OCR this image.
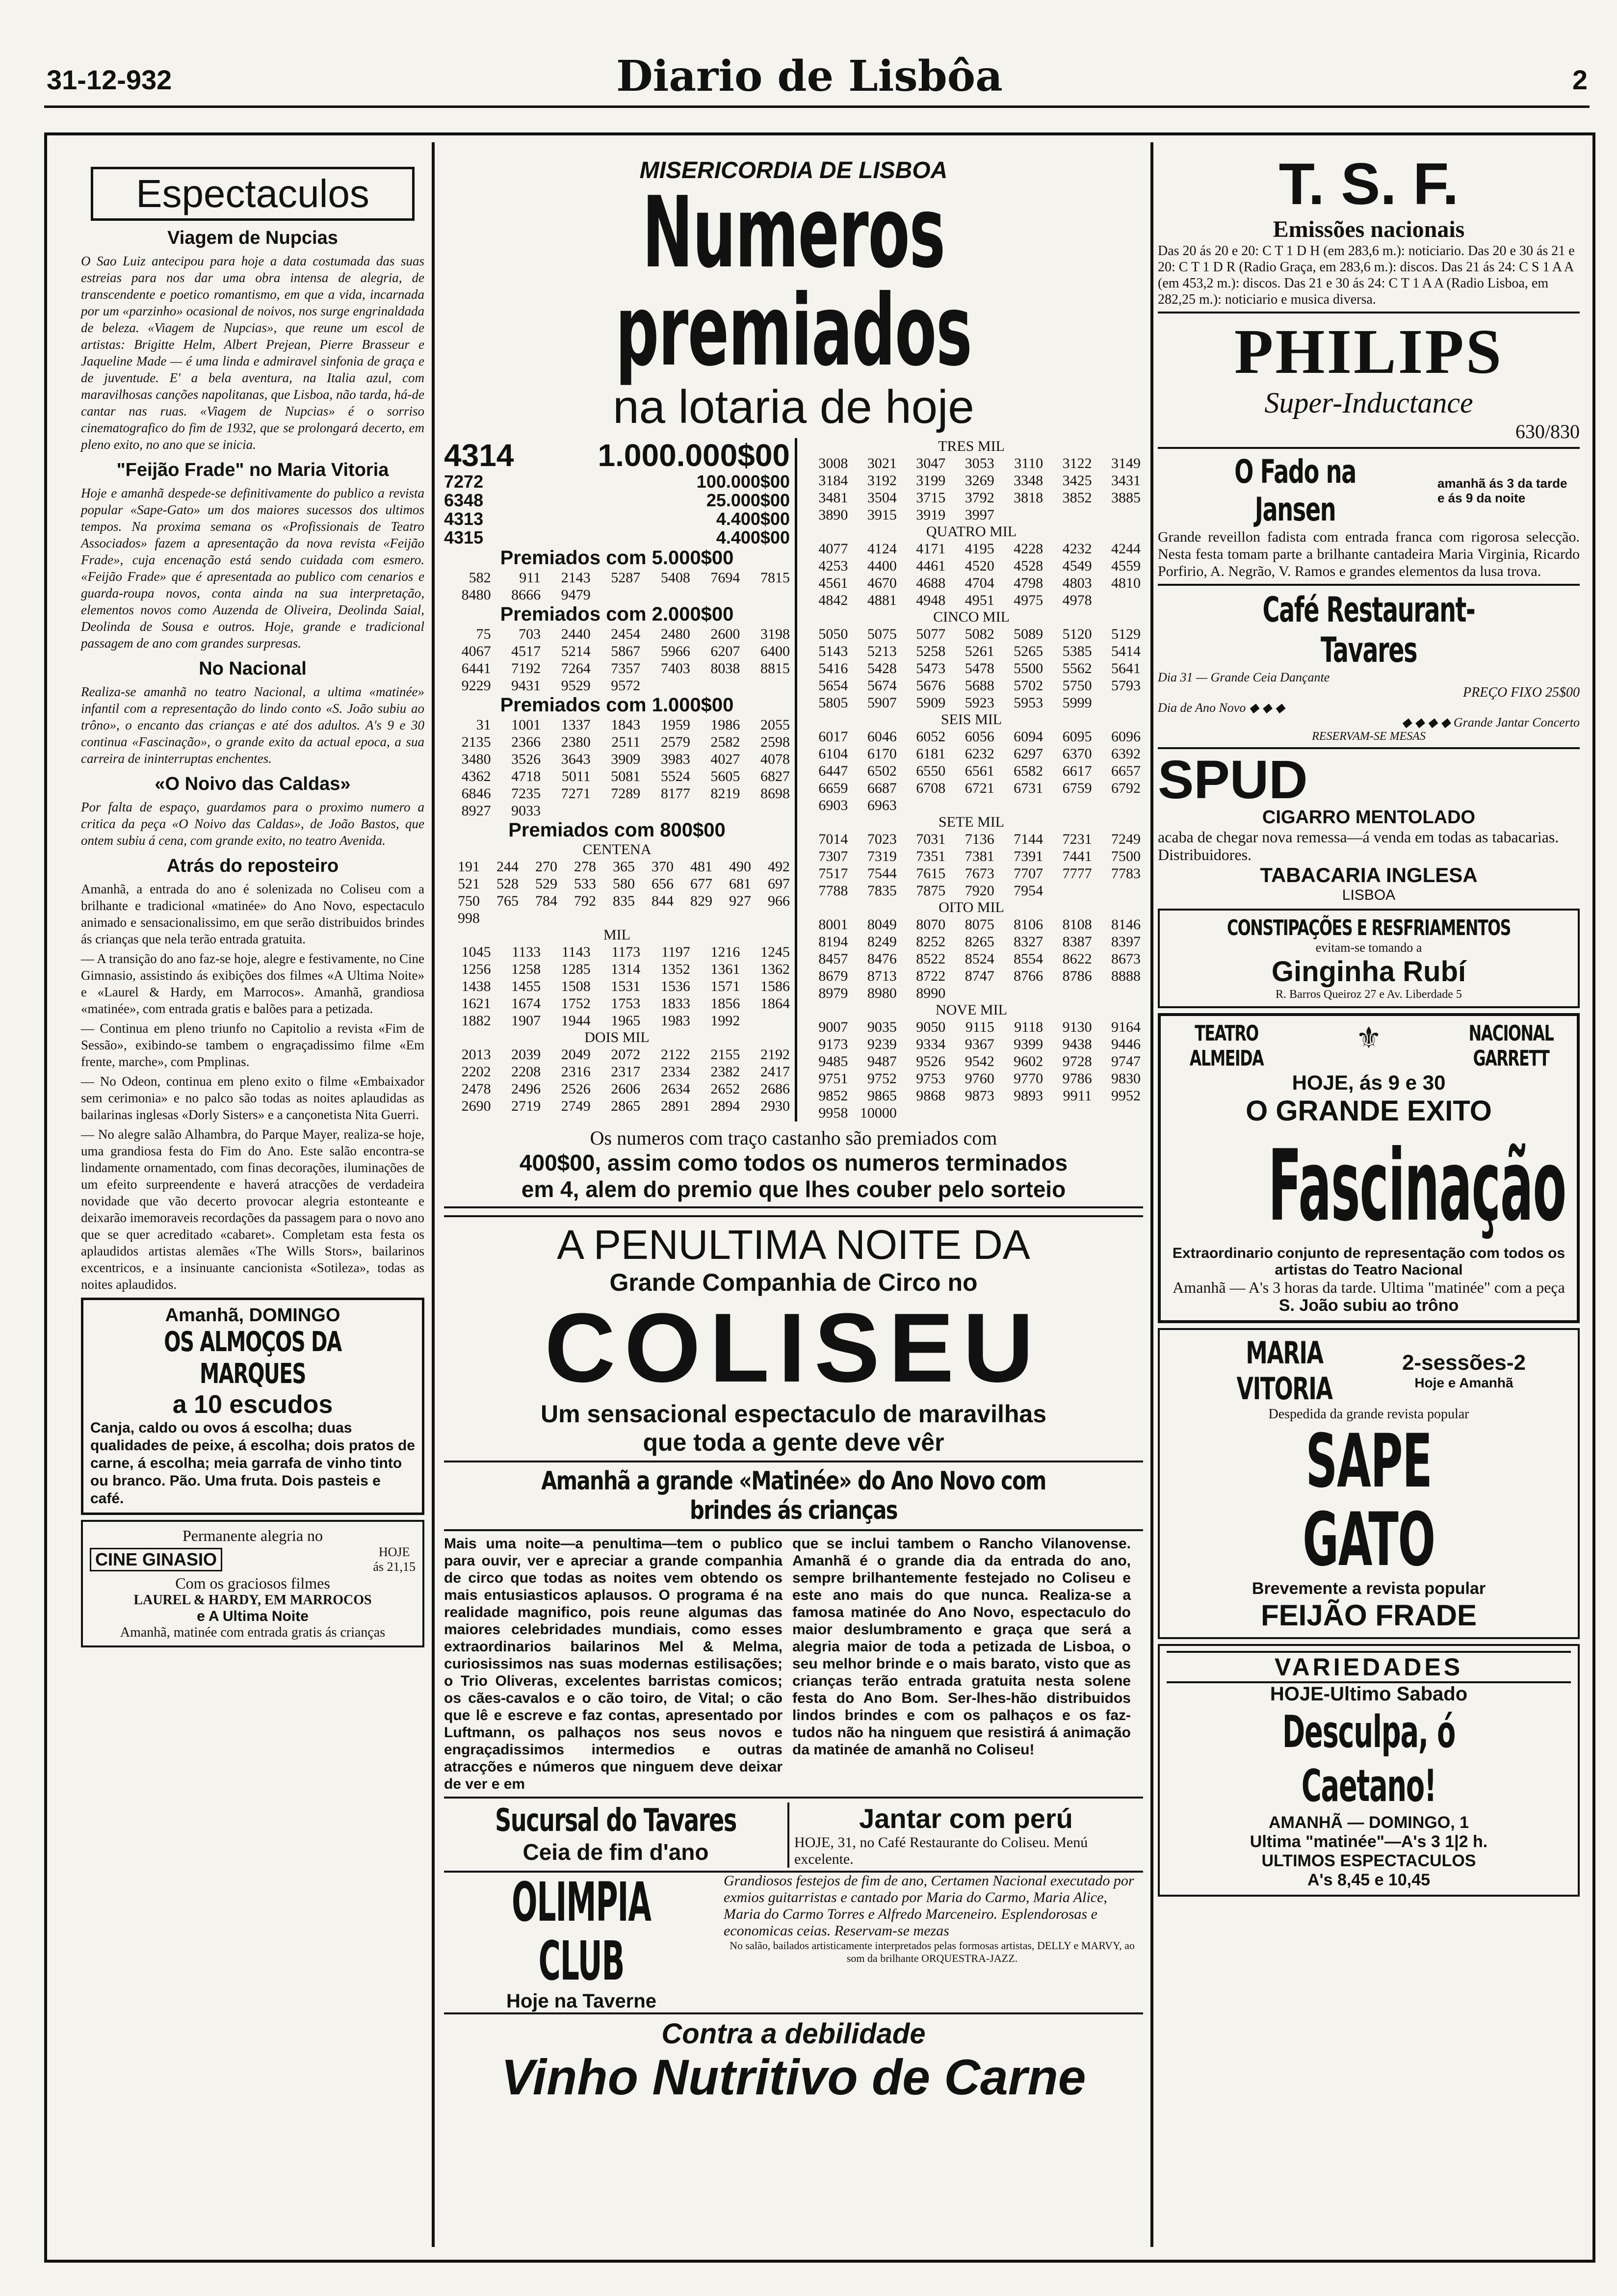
31-12-932	Diario de Lisbôa	2
Espectaculos
Viagem de Nupcias

O Sao Luiz antecipou para hoje a data costumada das suas estreias para nos dar uma obra intensa de alegria, de transcendente e poetico romantismo, em que a vida, incarnada por um «parzinho» ocasional de noivos, nos surge engrinaldada de beleza. «Viagem de Nupcias», que reune um escol de artistas: Brigitte Helm, Albert Prejean, Pierre Brasseur e Jaqueline Made — é uma linda e admiravel sinfonia de graça e de juventude. E' a bela aventura, na Italia azul, com maravilhosas canções napolitanas, que Lisboa, não tarda, há-de cantar nas ruas. «Viagem de Nupcias» é o sorriso cinematografico do fim de 1932, que se prolongará decerto, em pleno exito, no ano que se inicia.

"Feijão Frade" no Maria Vitoria

Hoje e amanhã despede-se definitivamente do publico a revista popular «Sape-Gato» um dos maiores sucessos dos ultimos tempos. Na proxima semana os «Profissionais de Teatro Associados» fazem a apresentação da nova revista «Feijão Frade», cuja encenação está sendo cuidada com esmero. «Feijão Frade» que é apresentada ao publico com cenarios e guarda-roupa novos, conta ainda na sua interpretação, elementos novos como Auzenda de Oliveira, Deolinda Saial, Deolinda de Sousa e outros. Hoje, grande e tradicional passagem de ano com grandes surpresas.

No Nacional

Realiza-se amanhã no teatro Nacional, a ultima «matinée» infantil com a representação do lindo conto «S. João subiu ao trôno», o encanto das crianças e até dos adultos. A's 9 e 30 continua «Fascinação», o grande exito da actual epoca, a sua carreira de ininterruptas enchentes.

«O Noivo das Caldas»

Por falta de espaço, guardamos para o proximo numero a critica da peça «O Noivo das Caldas», de João Bastos, que ontem subiu á cena, com grande exito, no teatro Avenida.

Atrás do reposteiro

Amanhã, a entrada do ano é solenizada no Coliseu com a brilhante e tradicional «matinée» do Ano Novo, espectaculo animado e sensacionalissimo, em que serão distribuidos brindes ás crianças que nela terão entrada gratuita.

— A transição do ano faz-se hoje, alegre e festivamente, no Cine Gimnasio, assistindo ás exibições dos filmes «A Ultima Noite» e «Laurel & Hardy, em Marrocos». Amanhã, grandiosa «matinée», com entrada gratis e balões para a petizada.

— Continua em pleno triunfo no Capitolio a revista «Fim de Sessão», exibindo-se tambem o engraçadissimo filme «Em frente, marche», com Pmplinas.

— No Odeon, continua em pleno exito o filme «Embaixador sem cerimonia» e no palco são todas as noites aplaudidas as bailarinas inglesas «Dorly Sisters» e a cançonetista Nita Guerri.

— No alegre salão Alhambra, do Parque Mayer, realiza-se hoje, uma grandiosa festa do Fim do Ano. Este salão encontra-se lindamente ornamentado, com finas decorações, iluminações de um efeito surpreendente e haverá atracções de verdadeira novidade que vão decerto provocar alegria estonteante e deixarão imemoraveis recordações da passagem para o novo ano que se quer acreditado «cabaret». Completam esta festa os aplaudidos artistas alemães «The Wills Stors», bailarinos excentricos, e a insinuante cancionista «Sotileza», todas as noites aplaudidos.

Amanhã, DOMINGO
OS ALMOÇOS DA MARQUES
a 10 escudos
Canja, caldo ou ovos á escolha; duas qualidades de peixe, á escolha; dois pratos de carne, á escolha; meia garrafa de vinho tinto ou branco. Pão. Uma fruta. Dois pasteis e café.
Permanente alegria no
CINE GINASIO	HOJE
ás 21,15
Com os graciosos filmes
LAUREL & HARDY, EM MARROCOS
e A Ultima Noite
Amanhã, matinée com entrada gratis ás crianças
MISERICORDIA DE LISBOA
Numeros premiados
na lotaria de hoje
4314	1.000.000$00
7272	100.000$00
6348	25.000$00
4313	4.400$00
4315	4.400$00
Premiados com 5.000$00
582	911	2143	5287	5408	7694	7815
8480	8666	9479
Premiados com 2.000$00
75	703	2440	2454	2480	2600	3198
4067	4517	5214	5867	5966	6207	6400
6441	7192	7264	7357	7403	8038	8815
9229	9431	9529	9572
Premiados com 1.000$00
31	1001	1337	1843	1959	1986	2055
2135	2366	2380	2511	2579	2582	2598
3480	3526	3643	3909	3983	4027	4078
4362	4718	5011	5081	5524	5605	6827
6846	7235	7271	7289	8177	8219	8698
8927	9033
Premiados com 800$00
CENTENA
191	244	270	278	365	370	481	490	492
521	528	529	533	580	656	677	681	697
750	765	784	792	835	844	829	927	966
998
MIL
1045	1133	1143	1173	1197	1216	1245
1256	1258	1285	1314	1352	1361	1362
1438	1455	1508	1531	1536	1571	1586
1621	1674	1752	1753	1833	1856	1864
1882	1907	1944	1965	1983	1992
DOIS MIL
2013	2039	2049	2072	2122	2155	2192
2202	2208	2316	2317	2334	2382	2417
2478	2496	2526	2606	2634	2652	2686
2690	2719	2749	2865	2891	2894	2930
TRES MIL
3008	3021	3047	3053	3110	3122	3149
3184	3192	3199	3269	3348	3425	3431
3481	3504	3715	3792	3818	3852	3885
3890	3915	3919	3997
QUATRO MIL
4077	4124	4171	4195	4228	4232	4244
4253	4400	4461	4520	4528	4549	4559
4561	4670	4688	4704	4798	4803	4810
4842	4881	4948	4951	4975	4978
CINCO MIL
5050	5075	5077	5082	5089	5120	5129
5143	5213	5258	5261	5265	5385	5414
5416	5428	5473	5478	5500	5562	5641
5654	5674	5676	5688	5702	5750	5793
5805	5907	5909	5923	5953	5999
SEIS MIL
6017	6046	6052	6056	6094	6095	6096
6104	6170	6181	6232	6297	6370	6392
6447	6502	6550	6561	6582	6617	6657
6659	6687	6708	6721	6731	6759	6792
6903	6963
SETE MIL
7014	7023	7031	7136	7144	7231	7249
7307	7319	7351	7381	7391	7441	7500
7517	7544	7615	7673	7707	7777	7783
7788	7835	7875	7920	7954
OITO MIL
8001	8049	8070	8075	8106	8108	8146
8194	8249	8252	8265	8327	8387	8397
8457	8476	8522	8524	8554	8622	8673
8679	8713	8722	8747	8766	8786	8888
8979	8980	8990
NOVE MIL
9007	9035	9050	9115	9118	9130	9164
9173	9239	9334	9367	9399	9438	9446
9485	9487	9526	9542	9602	9728	9747
9751	9752	9753	9760	9770	9786	9830
9852	9865	9868	9873	9893	9911	9952
9958 10000
Os numeros com traço castanho são premiados com
400$00, assim como todos os numeros terminados
em 4, alem do premio que lhes couber pelo sorteio
A PENULTIMA NOITE DA
Grande Companhia de Circo no
COLISEU
Um sensacional espectaculo de maravilhas
que toda a gente deve vêr
Amanhã a grande «Matinée» do Ano Novo com brindes ás crianças
Mais uma noite—a penultima—tem o publico para ouvir, ver e apreciar a grande companhia de circo que todas as noites vem obtendo os mais entusiasticos aplausos. O programa é na realidade magnifico, pois reune algumas das maiores celebridades mundiais, como esses extraordinarios bailarinos Mel & Melma, curiosissimos nas suas modernas estilisações; o Trio Oliveras, excelentes barristas comicos; os cães-cavalos e o cão toiro, de Vital; o cão que lê e escreve e faz contas, apresentado por Luftmann, os palhaços nos seus novos e engraçadissimos intermedios e outras atracções e números que ninguem deve deixar de ver e em
que se inclui tambem o Rancho Vilanovense. Amanhã é o grande dia da entrada do ano, sempre brilhantemente festejado no Coliseu e este ano mais do que nunca. Realiza-se a famosa matinée do Ano Novo, espectaculo do maior deslumbramento e graça que será a alegria maior de toda a petizada de Lisboa, o seu melhor brinde e o mais barato, visto que as crianças terão entrada gratuita nesta solene festa do Ano Bom. Ser-lhes-hão distribuidos lindos brindes e com os palhaços e os faz-tudos não ha ninguem que resistirá á animação da matinée de amanhã no Coliseu!
Sucursal do Tavares
Ceia de fim d'ano
Jantar com perú
HOJE, 31, no Café Restaurante do Coliseu. Menú excelente.
OLIMPIA CLUB
Hoje na Taverne
Grandiosos festejos de fim de ano, Certamen Nacional executado por exmios guitarristas e cantado por Maria do Carmo, Maria Alice, Maria do Carmo Torres e Alfredo Marceneiro. Esplendorosas e economicas ceias. Reservam-se mezas
No salão, bailados artisticamente interpretados pelas formosas artistas, DELLY e MARVY, ao som da brilhante ORQUESTRA-JAZZ.
Contra a debilidade
Vinho Nutritivo de Carne
T. S. F.
Emissões nacionais
Das 20 ás 20 e 20: C T 1 D H (em 283,6 m.): noticiario. Das 20 e 30 ás 21 e 20: C T 1 D R (Radio Graça, em 283,6 m.): discos. Das 21 ás 24: C S 1 A A (em 453,2 m.): discos. Das 21 e 30 ás 24: C T 1 A A (Radio Lisboa, em 282,25 m.): noticiario e musica diversa.
PHILIPS
Super-Inductance
630/830
O Fado na Jansen
amanhã ás 3 da tarde e ás 9 da noite
Grande reveillon fadista com entrada franca com rigorosa selecção. Nesta festa tomam parte a brilhante cantadeira Maria Virginia, Ricardo Porfirio, A. Negrão, V. Ramos e grandes elementos da lusa trova.
Café Restaurant-Tavares
Dia 31 — Grande Ceia Dançante
PREÇO FIXO 25$00
Dia de Ano Novo ◆ ◆ ◆
◆ ◆ ◆ ◆ Grande Jantar Concerto
RESERVAM-SE MESAS
SPUD
CIGARRO MENTOLADO
acaba de chegar nova remessa—á venda em todas as tabacarias. Distribuidores.
TABACARIA INGLESA
LISBOA
CONSTIPAÇÕES E RESFRIAMENTOS
evitam-se tomando a
Ginginha Rubí
R. Barros Queiroz 27 e Av. Liberdade 5
TEATRO ALMEIDA
⚜	NACIONAL GARRETT
HOJE, ás 9 e 30
O GRANDE EXITO
Fascinação
Extraordinario conjunto de representação com todos os artistas do Teatro Nacional
Amanhã — A's 3 horas da tarde. Ultima "matinée" com a peça
S. João subiu ao trôno
MARIA VITORIA
2-sessões-2
Hoje e Amanhã
Despedida da grande revista popular
SAPE GATO
Brevemente a revista popular
FEIJÃO FRADE
VARIEDADES
HOJE-Ultimo Sabado
Desculpa, ó Caetano!
AMANHÃ — DOMINGO, 1
Ultima "matinée"—A's 3 1|2 h.
ULTIMOS ESPECTACULOS
A's 8,45 e 10,45
